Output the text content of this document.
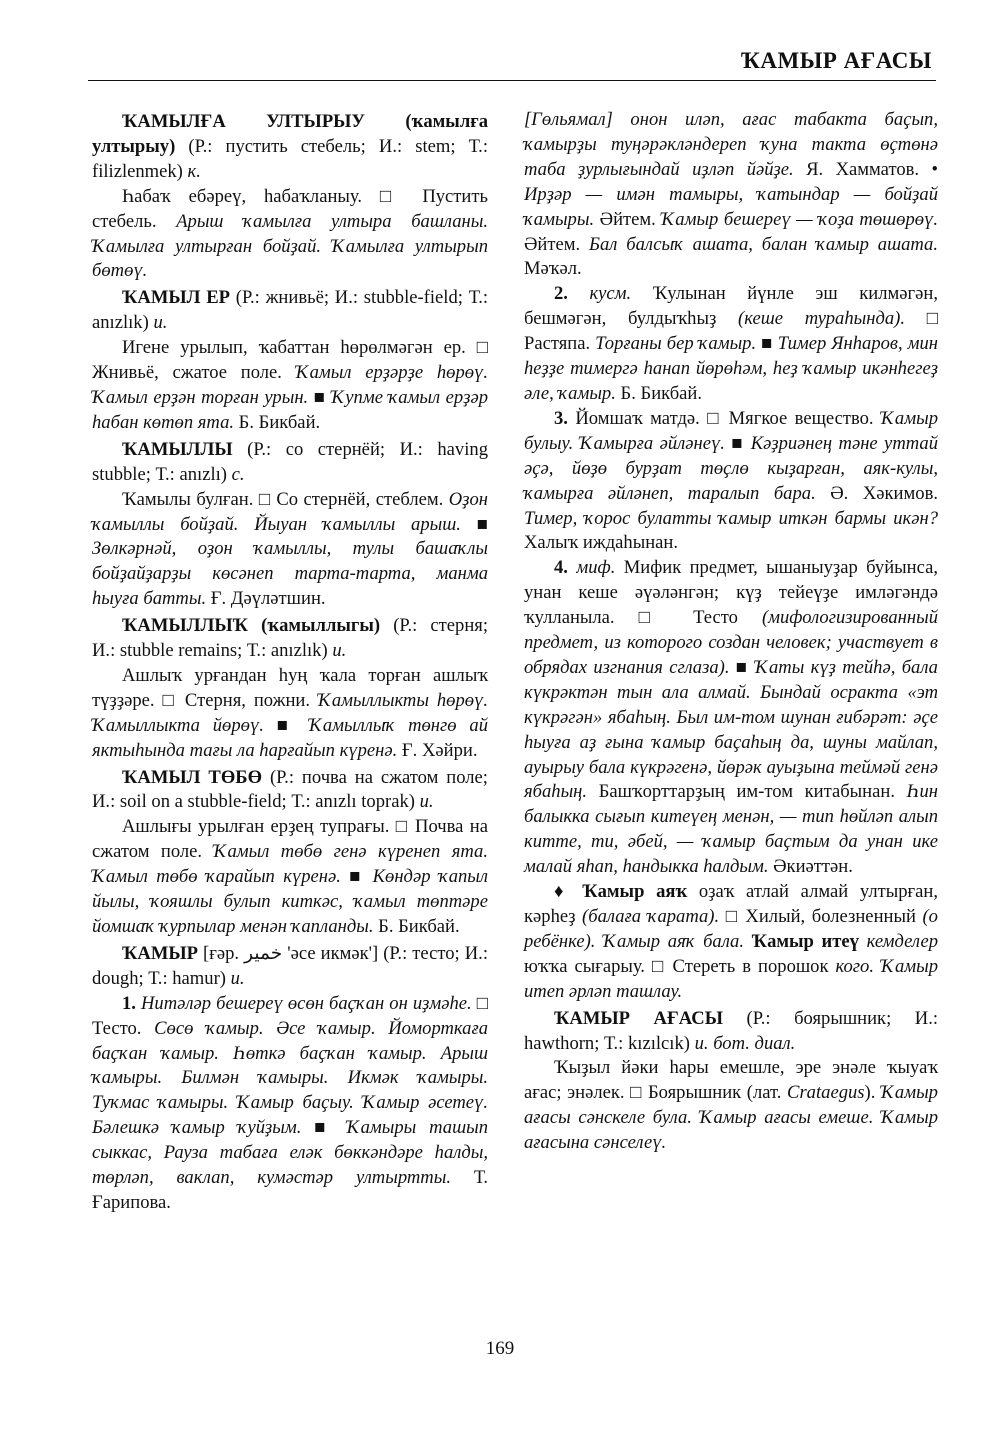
ҠАМЫР АҒАСЫ

ҠАМЫЛҒА УЛТЫРЫУ (ҡамылға ултырыу) (Р.: пустить стебель; И.: stem; Т.: filizlenmek) к.

Һабаҡ ебәреү, һабаҡланыу. □ Пустить стебель. Арыш ҡамылға ултыра башланы. Ҡамылға ултырған бойҙай. Ҡамылға ултырып бөтөү.

ҠАМЫЛ ЕР (Р.: жнивьё; И.: stubble-field; Т.: anızlık) и.

Игене урылып, ҡабаттан һөрөлмәгән ер. □ Жнивьё, сжатое поле. Ҡамыл ерҙәрҙе һөрөү. Ҡамыл ерҙән торған урын. ■ Ҡупме ҡамыл ерҙәр һабан көтөп ята. Б. Бикбай.

ҠАМЫЛЛЫ (Р.: со стернёй; И.: having stubble; Т.: anızlı) с.

Ҡамылы булған. □ Со стернёй, стеблем. Оҙон ҡамыллы бойҙай. Йыуан ҡамыллы арыш. ■ Зөлкәрнәй, оҙон ҡамыллы, тулы башаҡлы бойҙайҙарҙы көсәнеп тарта-тарта, манма һыуға батты. Ғ. Дәүләтшин.

ҠАМЫЛЛЫҠ (ҡамыллыгы) (Р.: стерня; И.: stubble remains; Т.: anızlık) и.

Ашлыҡ урғандан һуң ҡала торған ашлыҡ түҙҙәре. □ Стерня, пожни. Ҡамыллыкты һөрөү. Ҡамыллыкта йөрөү. ■ Ҡамыллыҡ төнгө ай яктыһында тағы ла һарғайып күренә. Ғ. Хәйри.

ҠАМЫЛ ТӨБӨ (Р.: почва на сжатом поле; И.: soil on a stubble-field; Т.: anızlı toprak) и.

Ашлығы урылған ерҙең тупрағы. □ Почва на сжатом поле. Ҡамыл төбө генә күренеп ята. Ҡамыл төбө ҡарайып күренә. ■ Көндәр ҡапыл йылы, ҡояшлы булып киткәс, ҡамыл төптәре йомшаҡ ҡурпылар менән ҡапланды. Б. Бикбай.

ҠАМЫР [ғәр. خمير 'әсе икмәк'] (Р.: тесто; И.: dough; Т.: hamur) и.

1. Ниmәләр бешереү өсөн баҫҡан он иҙмәhе. □ Тесто. Сөсө ҡамыр. Әсе ҡамыр. Йоморткаға баҫҡан ҡамыр. Һөткә баҫҡан ҡамыр. Арыш ҡамыры. Билмән ҡамыры. Икмәк ҡамыры. Туҡмас ҡамыры. Ҡамыр баҫыу. Ҡамыр әсетеү. Бәлешкә ҡамыр ҡуйҙым. ■ Ҡамыры ташып сыккас, Рауза табаға еләк бөккәндәре һалды, төрләп, ваклап, кумәстәр ултыртты. Т. Ғарипова.

[Гөльямал] онон иләп, ағас табакта баҫып, ҡамырҙы туңәрәкләндереп ҡуна такта өҫтөнә таба ҙурлығындай иҙләп йәйҙе. Я. Хамматов. • Ирҙәр — имән тамыры, ҡатындар — бойҙай ҡамыры. Әйтем. Ҡамыр бешереү — ҡоҙа төшөрөү. Әйтем. Бал балсыҡ ашата, балан ҡамыр ашата. Мәҡәл.

2. кусм. Ҡулынан йүнле эш килмәгән, бешмәгән, булдыҡһыҙ (кеше тураһында). □ Растяпа. Торғаны бер ҡамыр. ■ Тимер Янһаров, мин һеҙҙе тимергә һанап йөрөһәм, һеҙ ҡамыр икәнһегеҙ әле, ҡамыр. Б. Бикбай.

3. Йомшаҡ матдә. □ Мягкое вещество. Ҡамыр булыу. Ҡамырға әйләнеү. ■ Кәҙриәнең тәне уттай әҫә, йөҙө бурҙат төҫлө кыҙарған, аяк-кулы, ҡамырға әйләнеп, таралып бара. Ә. Хәкимов. Тимер, ҡорос булатты ҡамыр иткән бармы икән? Халыҡ иждаһынан.

4. миф. Мифик предмет, ышаныуҙар буйынса, унан кеше әүәләнгән; күҙ тейеүҙе имләгәндә ҡулланыла. □ Тесто (мифологизированный предмет, из которого создан человек; участвует в обрядах изгнания сглаза). ■ Ҡаты күҙ тейһә, бала күкрәктән тын ала алмай. Бындай осракта «эт күкрәгән» ябаһың. Был им-том шунан ғибәрәт: әҫе һыуға аҙ ғына ҡамыр баҫаһың да, шуны майлап, ауырыу бала күкрәгенә, йөрәк ауыҙына теймәй генә ябаһың. Башҡорттарҙың им-том китабынан. Һин балыкка сығып китеүең менән, — тип һөйләп алып китте, ти, әбей, — ҡамыр баҫтым да унан ике малай яһап, һандыкка һалдым. Әкиәттән.

♦ Ҡамыр аяҡ оҙаҡ атлай алмай ултырған, кәрһеҙ (балаға ҡарата). □ Хилый, болезненный (о ребёнке). Ҡамыр аяҡ бала. Ҡамыр итеү кемделер юҡҡа сығарыу. □ Стереть в порошок кого. Ҡамыр итеп әрләп ташлау.

ҠАМЫР АҒАСЫ (Р.: боярышник; И.: hawthorn; Т.: kızılcık) и. бот. диал.

Ҡыҙыл йәки һары емешле, эре энәле ҡыуаҡ ағас; энәлек. □ Боярышник (лат. Crataegus). Ҡамыр ағасы сәнскеле була. Ҡамыр ағасы емеше. Ҡамыр ағасына сәнселеү.

169
